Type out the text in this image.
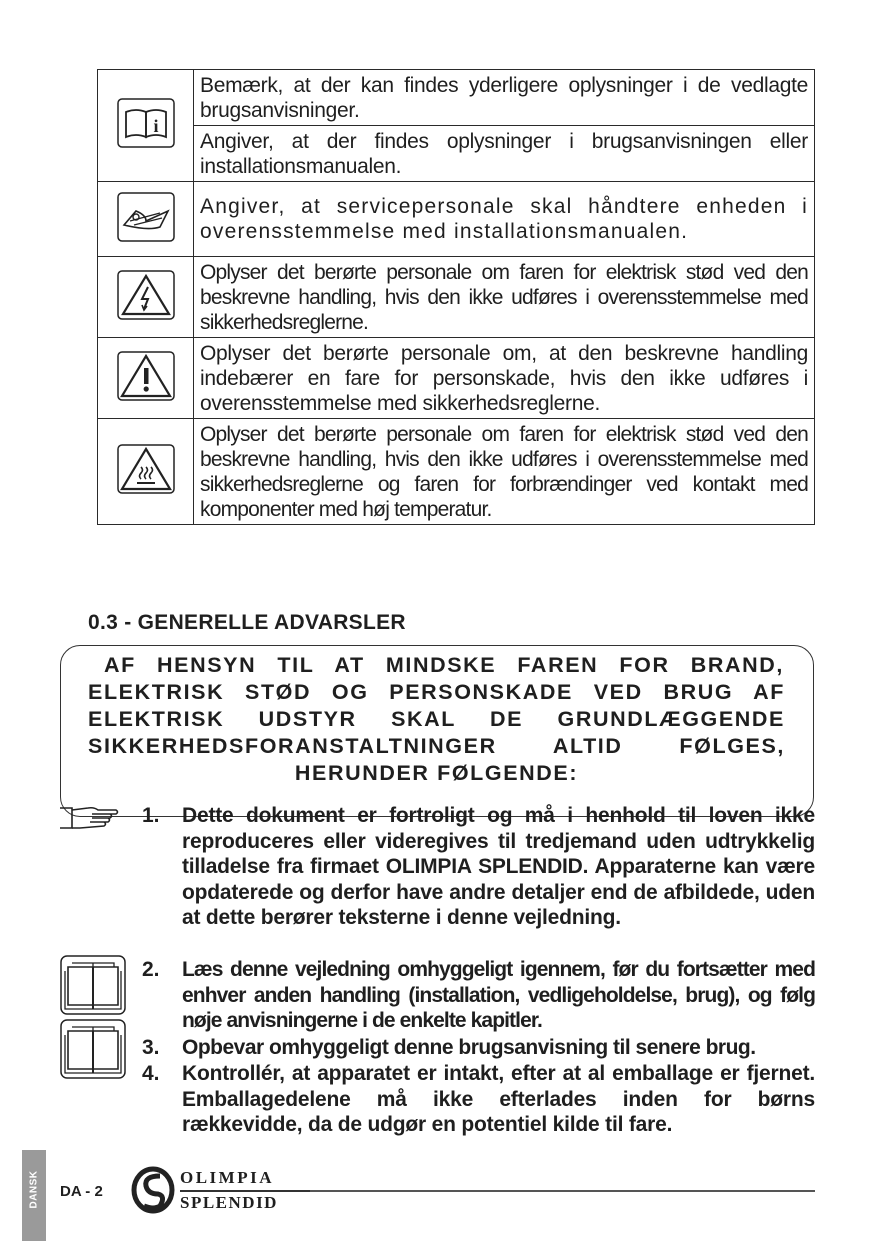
i	Bemærk, at der kan findes yderligere oplysninger i de vedlagte brugsanvisninger.
	Angiver, at der findes oplysninger i brugsanvisningen eller installationsmanualen.
	Angiver, at servicepersonale skal håndtere enheden i overensstemmelse med installationsmanualen.
	Oplyser det berørte personale om faren for elektrisk stød ved den beskrevne handling, hvis den ikke udføres i overensstemmelse med sikkerhedsreglerne.
	Oplyser det berørte personale om, at den beskrevne handling indebærer en fare for personskade, hvis den ikke udføres i overensstemmelse med sikkerhedsreglerne.
	Oplyser det berørte personale om faren for elektrisk stød ved den beskrevne handling, hvis den ikke udføres i overensstemmelse med sikkerhedsreglerne og faren for forbrændinger ved kontakt med komponenter med høj temperatur.
0.3 - GENERELLE ADVARSLER

AF HENSYN TIL AT MINDSKE FAREN FOR BRAND,

ELEKTRISK STØD OG PERSONSKADE VED BRUG AF

ELEKTRISK UDSTYR SKAL DE GRUNDLÆGGENDE

SIKKERHEDSFORANSTALTNINGER ALTID FØLGES,

HERUNDER FØLGENDE:

1.	Dette dokument er fortroligt og må i henhold til loven ikke reproduceres eller videregives til tredjemand uden udtrykkelig tilladelse fra firmaet OLIMPIA SPLENDID. Apparaterne kan være opdaterede og derfor have andre detaljer end de afbildede, uden at dette berører teksterne i denne vejledning.
2.	Læs denne vejledning omhyggeligt igennem, før du fortsætter med enhver anden handling (installation, vedligeholdelse, brug), og følg nøje anvisningerne i de enkelte kapitler.
3.	Opbevar omhyggeligt denne brugsanvisning til senere brug.
4.	Kontrollér, at apparatet er intakt, efter at al emballage er fjernet. Emballagedelene må ikke efterlades inden for børns rækkevidde, da de udgør en potentiel kilde til fare.
DANSK DA - 2
OLIMPIA
SPLENDID
